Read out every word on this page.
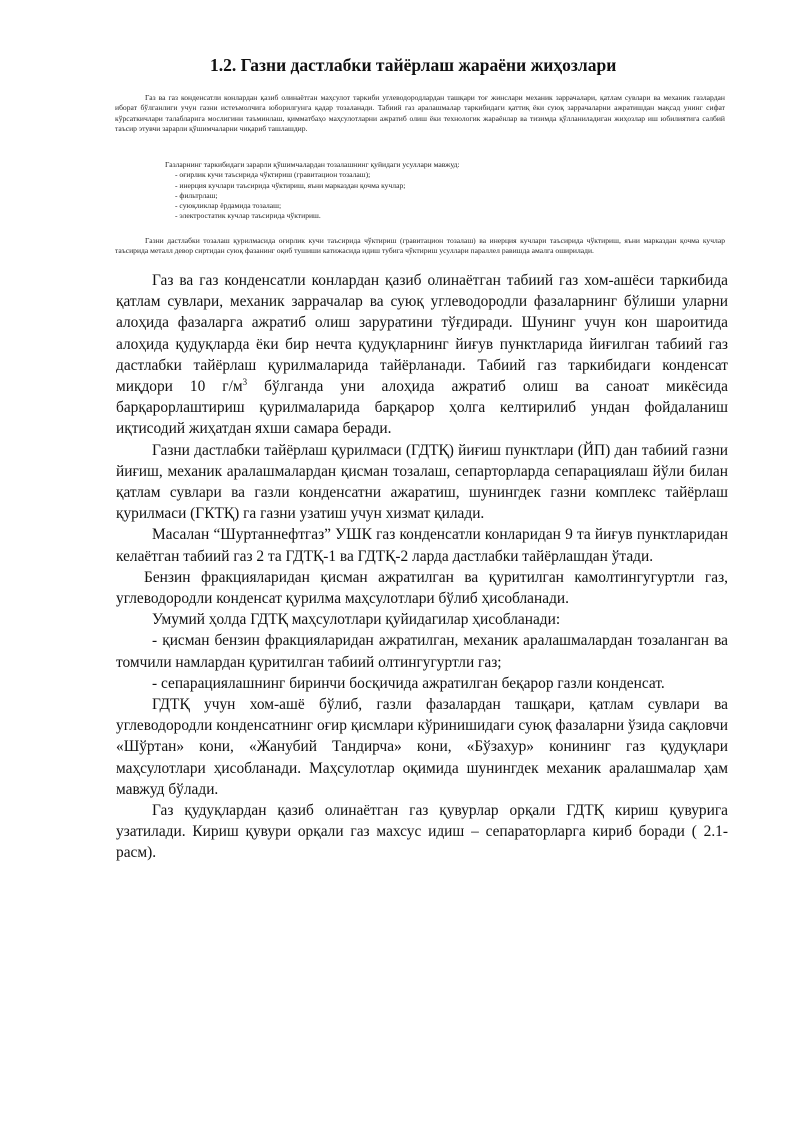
1.2. Газни дастлабки тайёрлаш жараёни жиҳозлари

Газ ва газ конденсатли конлардан қазиб олинаётган маҳсулот таркиби углеводородлардан ташқари тоғ жинслари механик заррачалари, қатлам сувлари ва механик газлардан иборат бўлганлиги учун газни истеъмолчига юборилгунга қадар тозаланади. Табиий газ аралашмалар таркибидаги қаттиқ ёки суюқ заррачаларни ажратишдан мақсад унинг сифат кўрсаткичлари талабларига мослигини таъминлаш, қимматбаҳо маҳсулотларни ажратиб олиш ёки технологик жараёнлар ва тизимда қўлланиладиган жиҳозлар иш юбилиятига салбий таъсир этувчи зарарли қўшимчаларни чиқариб ташлашдир.

Газларнинг таркибидаги зарарли қўшимчалардан тозалашнинг қуйидаги усуллари мавжуд:

- оғирлик кучи таъсирида чўктириш (гравитацион тозалаш);

- инерция кучлари таъсирида чўктириш, яъни марказдан қочма кучлар;

- фильтрлаш;

- суюқликлар ёрдамида тозалаш;

- электростатик кучлар таъсирида чўктириш.

Газни дастлабки тозалаш қурилмасида оғирлик кучи таъсирида чўктириш (гравитацион тозалаш) ва инерция кучлари таъсирида чўктириш, яъни марказдан қочма кучлар таъсирида металл девор сиртидан суюқ фазанинг оқиб тушиши катижасида идиш тубига чўктириш усуллари параллел равишда амалга оширилади.

Газ ва газ конденсатли конлардан қазиб олинаётган табиий газ хом-ашёси таркибида қатлам сувлари, механик заррачалар ва суюқ углеводородли фазаларнинг бўлиши уларни алоҳида фазаларга ажратиб олиш заруратини тўғдиради. Шунинг учун кон шароитида алоҳида қудуқларда ёки бир нечта қудуқларнинг йиғув пунктларида йиғилган табиий газ дастлабки тайёрлаш қурилмаларида тайёрланади. Табиий газ таркибидаги конденсат миқдори 10 $г/м^3$ бўлганда уни алоҳида ажратиб олиш ва саноат микёсида барқарорлаштириш қурилмаларида барқарор ҳолга келтирилиб ундан фойдаланиш иқтисодий жиҳатдан яхши самара беради.

Газни дастлабки тайёрлаш қурилмаси (ГДТҚ) йиғиш пунктлари (ЙП) дан табиий газни йиғиш, механик аралашмалардан қисман тозалаш, сепарторларда сепарациялаш йўли билан қатлам сувлари ва газли конденсатни ажаратиш, шунингдек газни комплекс тайёрлаш қурилмаси (ГКТҚ) га газни узатиш учун хизмат қилади.

Масалан “Шуртаннефтгаз” УШК газ конденсатли конларидан 9 та йиғув пунктларидан келаётган табиий газ 2 та ГДТҚ-1 ва ГДТҚ-2 ларда дастлабки тайёрлашдан ўтади.

Бензин фракцияларидан қисман ажратилган ва қуритилган камолтингугуртли газ, углеводородли конденсат қурилма маҳсулотлари бўлиб ҳисобланади.

Умумий ҳолда ГДТҚ маҳсулотлари қуйидагилар ҳисобланади:

- қисман бензин фракцияларидан ажратилган, механик аралашмалардан тозаланган ва томчили намлардан қуритилган табиий олтингугуртли газ;

- сепарациялашнинг биринчи босқичида ажратилган беқарор газли конденсат.

ГДТҚ учун хом-ашё бўлиб, газли фазалардан ташқари, қатлам сувлари ва углеводородли конденсатнинг оғир қисмлари кўринишидаги суюқ фазаларни ўзида сақловчи «Шўртан» кони, «Жанубий Тандирча» кони, «Бўзахур» конининг газ қудуқлари маҳсулотлари ҳисобланади. Маҳсулотлар оқимида шунингдек механик аралашмалар ҳам мавжуд бўлади.

Газ қудуқлардан қазиб олинаётган газ қувурлар орқали ГДТҚ кириш қувурига узатилади. Кириш қувури орқали газ махсус идиш – сепараторларга кириб боради ( 2.1-расм).
